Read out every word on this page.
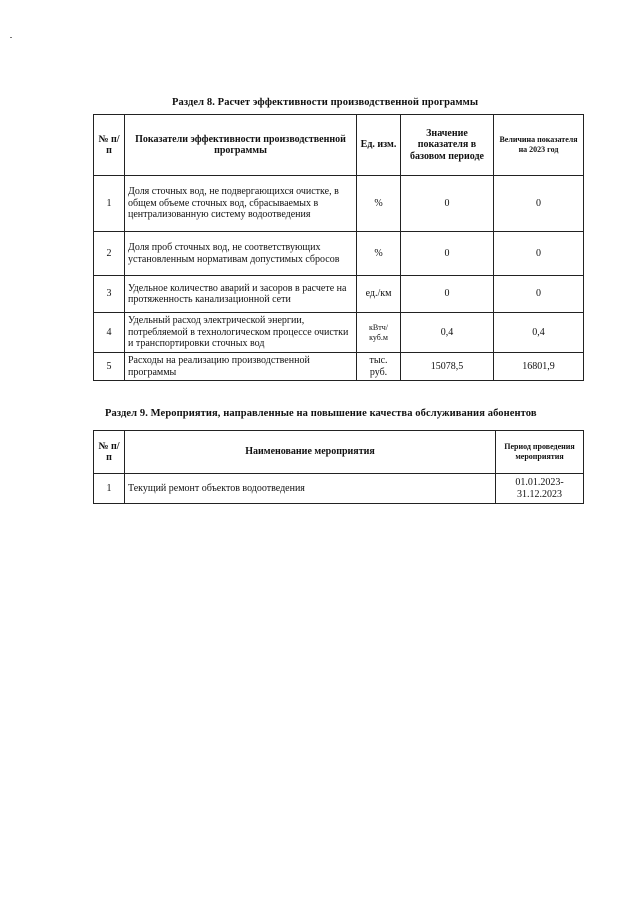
Раздел 8. Расчет эффективности производственной программы
№ п/п	Показатели эффективности производственной программы	Ед. изм.	Значение показателя в базовом периоде	Величина показателя на 2023 год
1	Доля сточных вод, не подвергающихся очистке, в общем объеме сточных вод, сбрасываемых в централизованную систему водоотведения	%	0	0
2	Доля проб сточных вод, не соответствующих установленным нормативам допустимых сбросов	%	0	0
3	Удельное количество аварий и засоров в расчете на протяженность канализационной сети	ед./км	0	0
4	Удельный расход электрической энергии, потребляемой в технологическом процессе очистки и транспортировки сточных вод	кВтч/ куб.м	0,4	0,4
5	Расходы на реализацию производственной программы	тыс. руб.	15078,5	16801,9
Раздел 9. Мероприятия, направленные на повышение качества обслуживания абонентов
№ п/п	Наименование мероприятия	Период проведения мероприятия
1	Текущий ремонт объектов водоотведения	01.01.2023-31.12.2023
